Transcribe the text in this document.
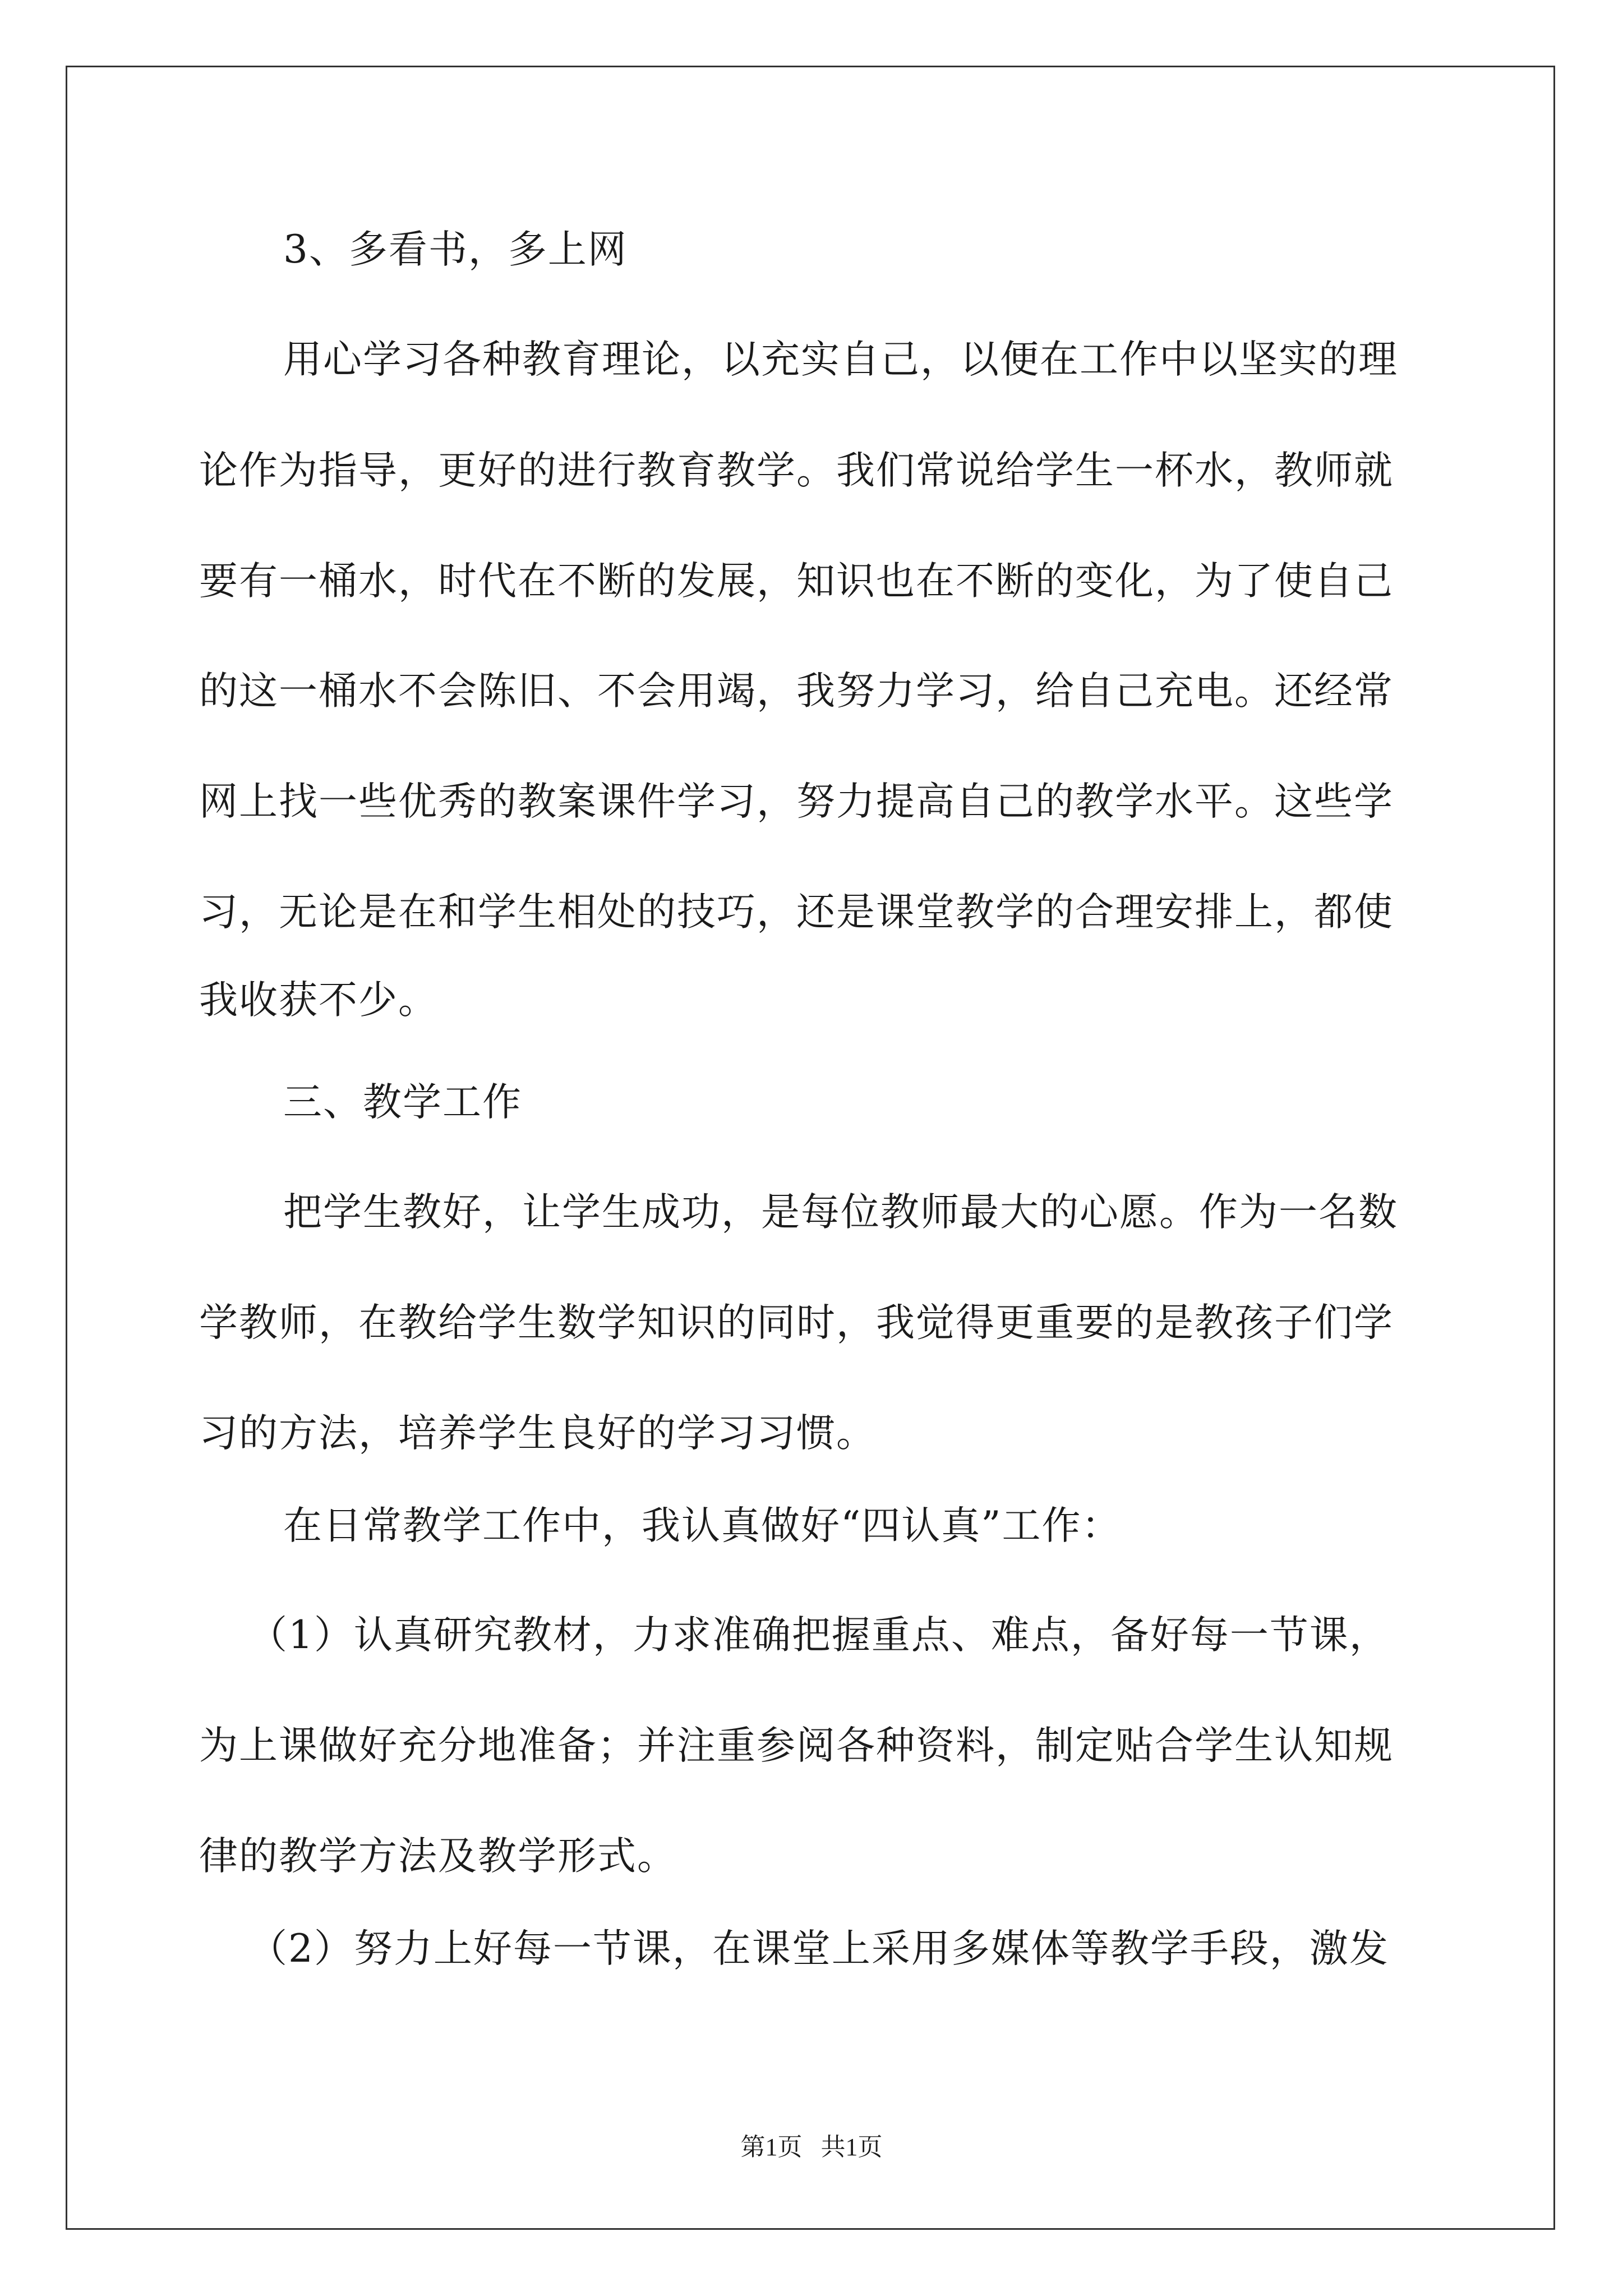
3、多看书，多上网
用心学习各种教育理论，以充实自己，以便在工作中以坚实的理
论作为指导，更好的进行教育教学。我们常说给学生一杯水，教师就
要有一桶水，时代在不断的发展，知识也在不断的变化，为了使自己
的这一桶水不会陈旧、不会用竭，我努力学习，给自己充电。还经常
网上找一些优秀的教案课件学习，努力提高自己的教学水平。这些学
习，无论是在和学生相处的技巧，还是课堂教学的合理安排上，都使
我收获不少。
三、教学工作
把学生教好，让学生成功，是每位教师最大的心愿。作为一名数
学教师，在教给学生数学知识的同时，我觉得更重要的是教孩子们学
习的方法，培养学生良好的学习习惯。
在日常教学工作中，我认真做好“四认真”工作：
（1）认真研究教材，力求准确把握重点、难点，备好每一节课，
为上课做好充分地准备；并注重参阅各种资料，制定贴合学生认知规
律的教学方法及教学形式。
（2）努力上好每一节课，在课堂上采用多媒体等教学手段，激发
第1页 共1页
